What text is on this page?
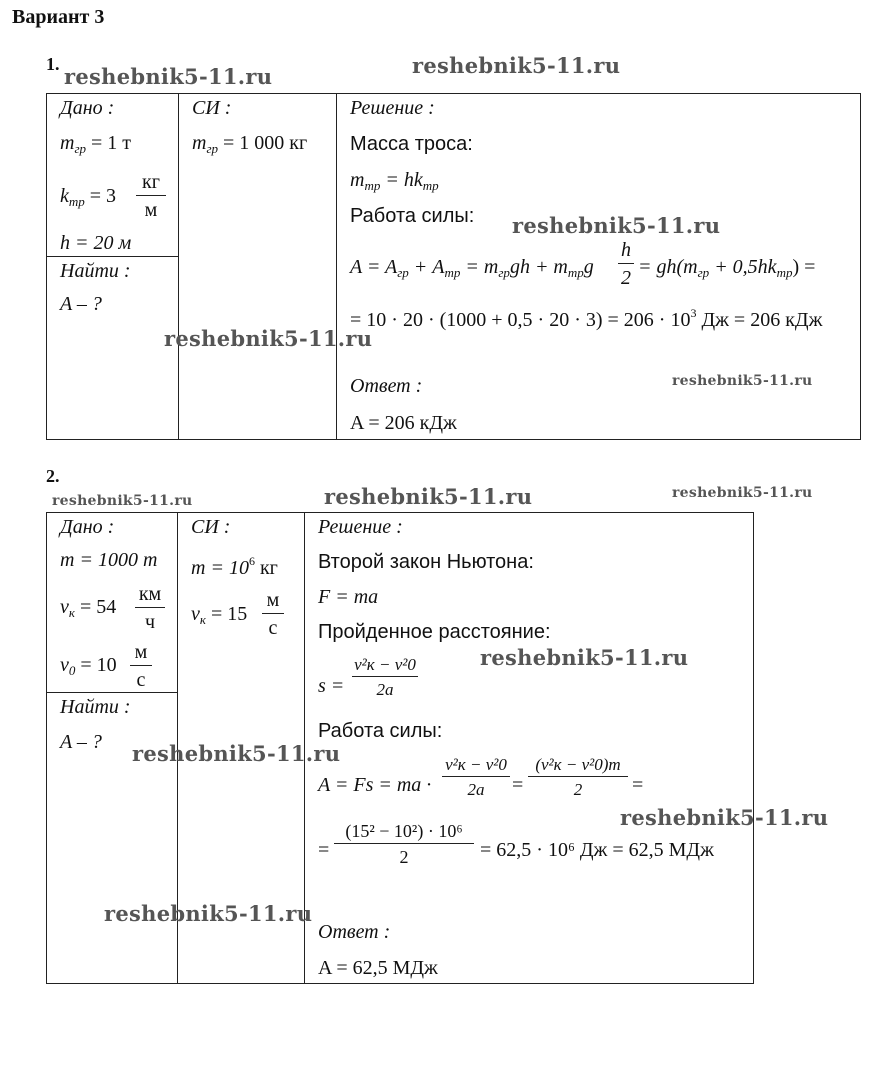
Вариант 3
1.
Дано :
$m_{гр} = 1$ т
$k_{тр} = 3$
кг
м
h = 20 м
Найти :
A – ?
СИ :
$m_{гр} = 1$ 000 кг
Решение :
Масса троса:
$m_{тр} = hk_{тр}$
Работа силы:
$A = A_{гр} + A_{тр} = m_{гр}gh + m_{тр}g$
h
$2 = gh(m_{гр} + 0,5hk_{тр})$ =
= $10 \cdot 20 \cdot (1000 + 0,5 \cdot 20 \cdot 3) = 206 \cdot 10^3$ Дж = 206 кДж
Ответ :
A = 206 кДж
2.
Дано :
m = 1000 т
$v_к = 54$
км
ч
$v_0 = 10$
м
с
Найти :
A – ?
СИ :
$m = 10^6$ кг
$v_к = 15$
м
с
Решение :
Второй закон Ньютона:
F = ma
Пройденное расстояние:
s =
v²к − v²0
2a
Работа силы:
A = Fs = ma ·
v²к − v²0
2a	=
(v²к − v²0)m
2	=
=
(15² − 10²) · 10⁶
2	= 62,5 · 10⁶ Дж = 62,5 МДж
Ответ :
A = 62,5 МДж
reshebnik5-11.ru	reshebnik5-11.ru
reshebnik5-11.ru
reshebnik5-11.ru
reshebnik5-11.ru
reshebnik5-11.ru	reshebnik5-11.ru	reshebnik5-11.ru
reshebnik5-11.ru
reshebnik5-11.ru
reshebnik5-11.ru
reshebnik5-11.ru
